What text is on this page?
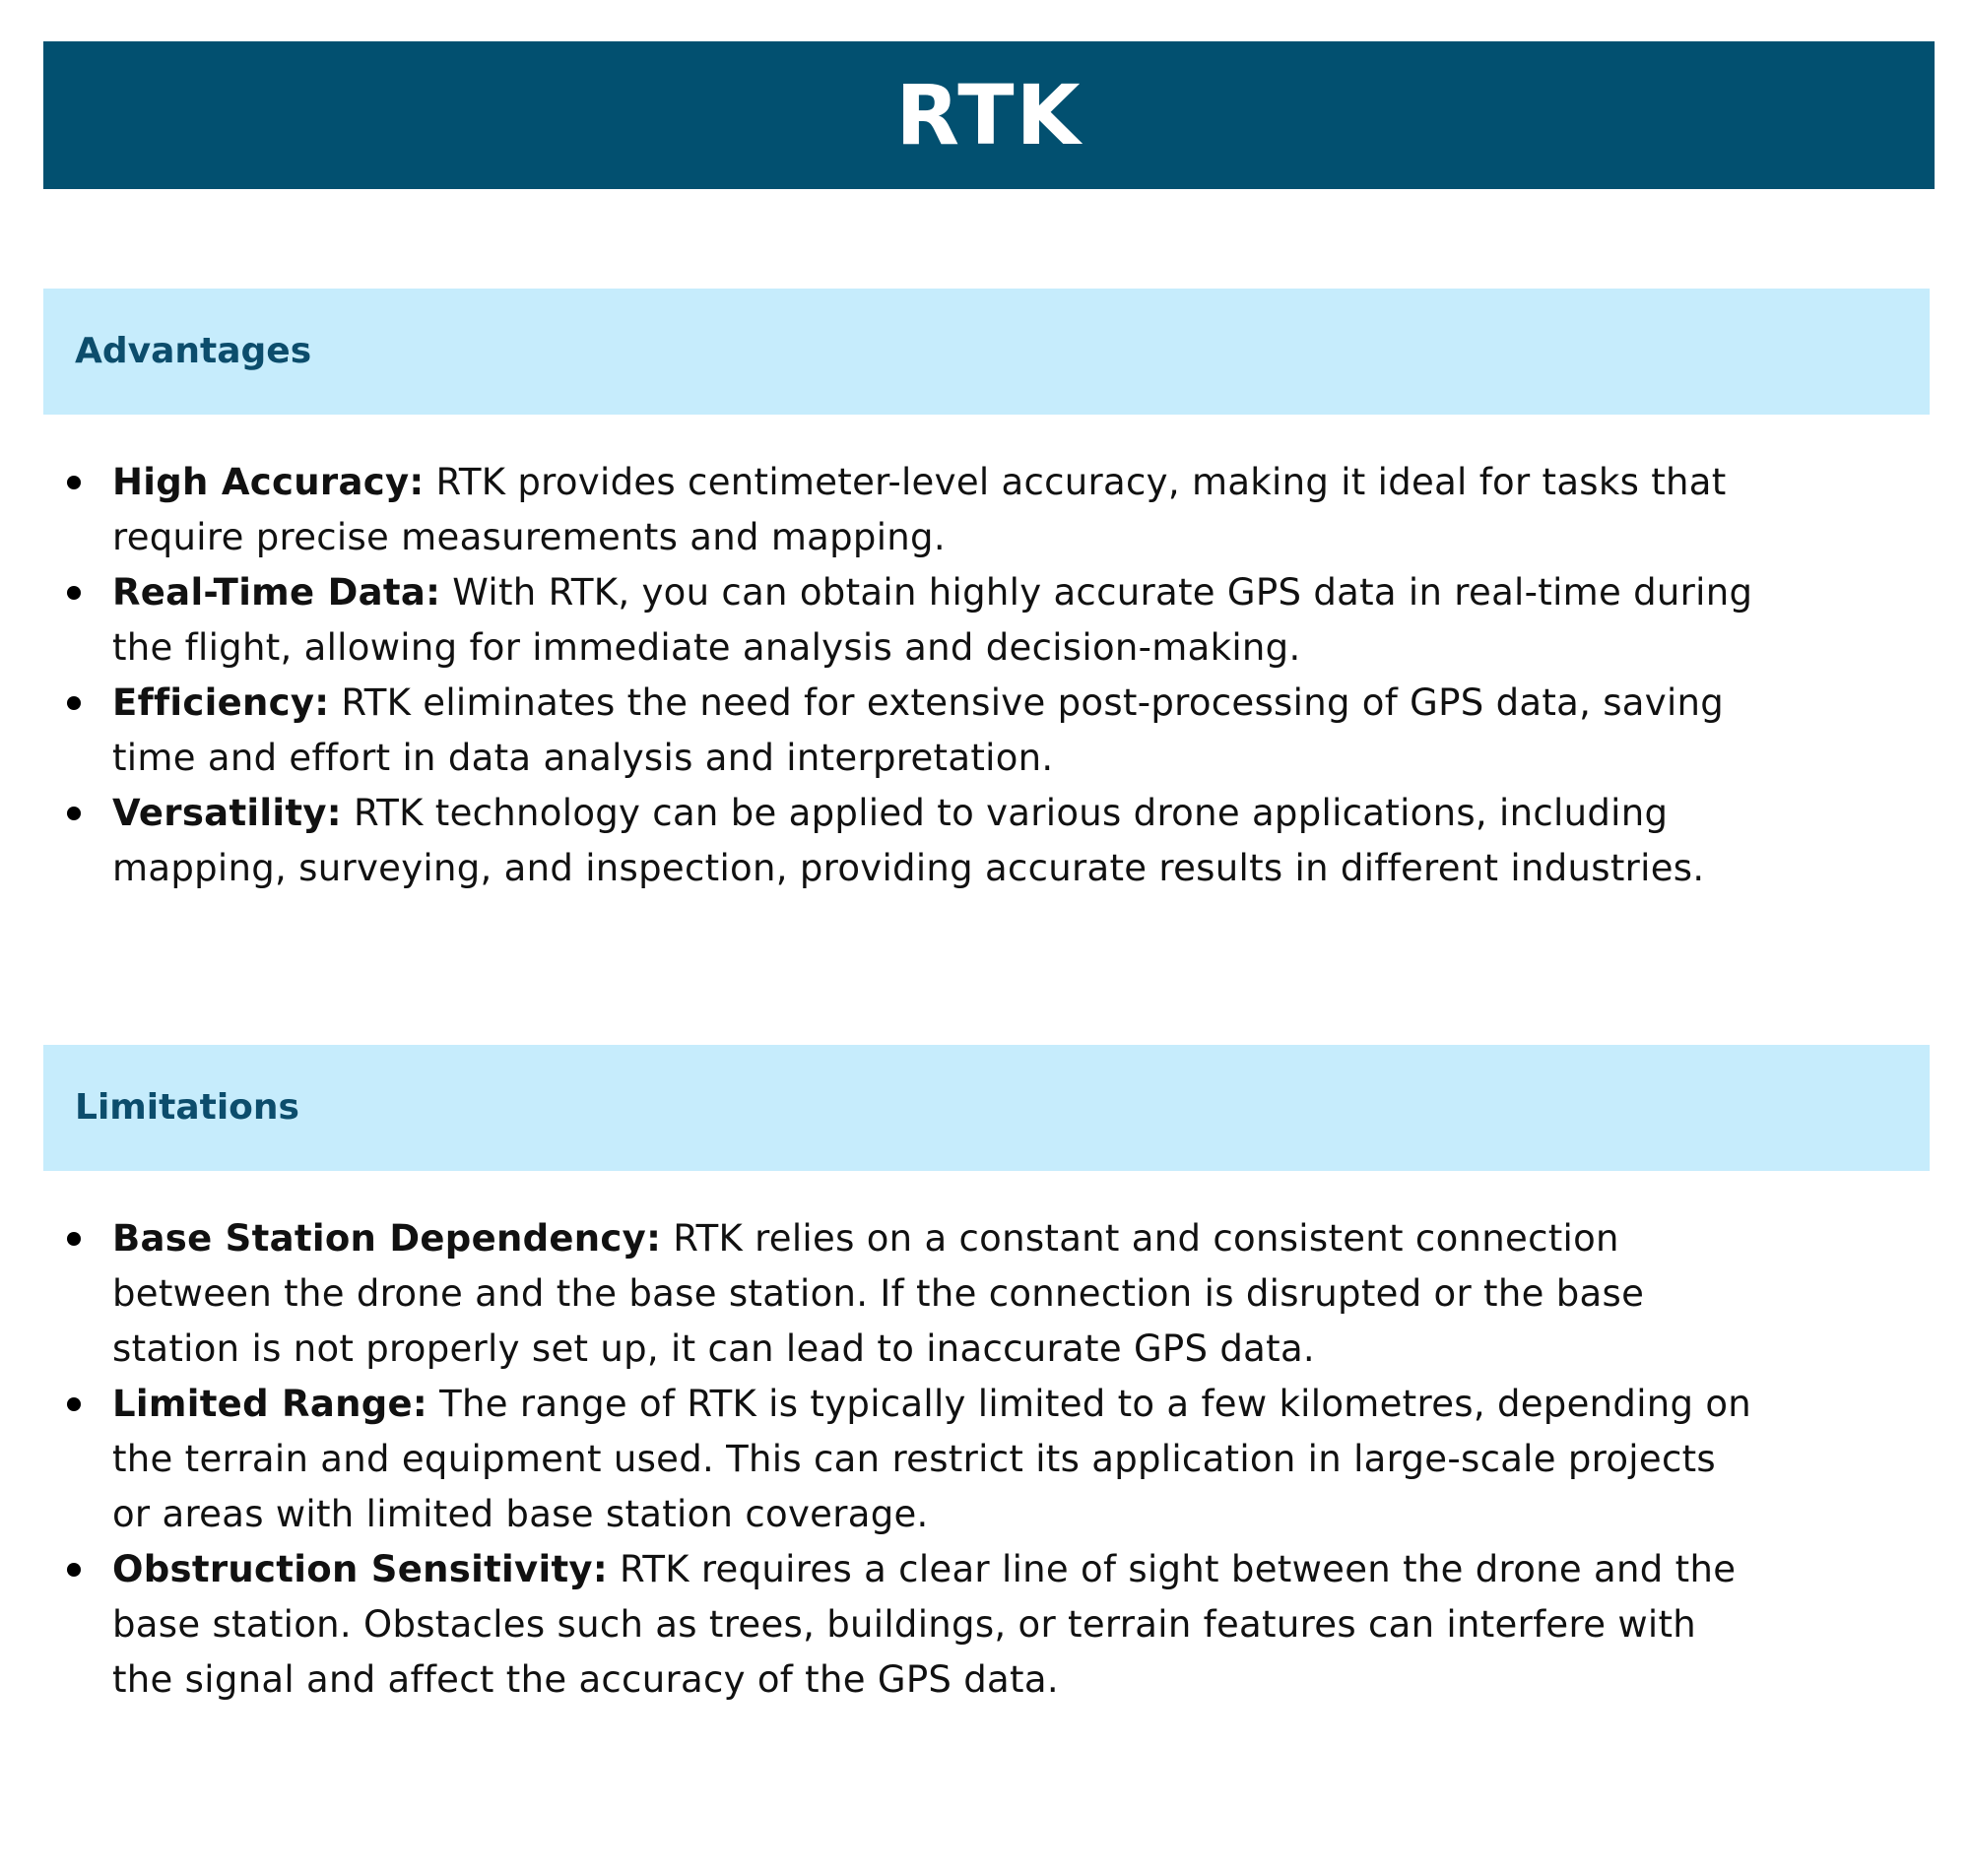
RTK
Advantages
High Accuracy: RTK provides centimeter-level accuracy, making it ideal for tasks that require precise measurements and mapping.
Real-Time Data: With RTK, you can obtain highly accurate GPS data in real-time during the flight, allowing for immediate analysis and decision-making.
Efficiency: RTK eliminates the need for extensive post-processing of GPS data, saving time and effort in data analysis and interpretation.
Versatility: RTK technology can be applied to various drone applications, including mapping, surveying, and inspection, providing accurate results in different industries.
Limitations
Base Station Dependency: RTK relies on a constant and consistent connection between the drone and the base station. If the connection is disrupted or the base station is not properly set up, it can lead to inaccurate GPS data.
Limited Range: The range of RTK is typically limited to a few kilometres, depending on the terrain and equipment used. This can restrict its application in large-scale projects or areas with limited base station coverage.
Obstruction Sensitivity: RTK requires a clear line of sight between the drone and the base station. Obstacles such as trees, buildings, or terrain features can interfere with the signal and affect the accuracy of the GPS data.
